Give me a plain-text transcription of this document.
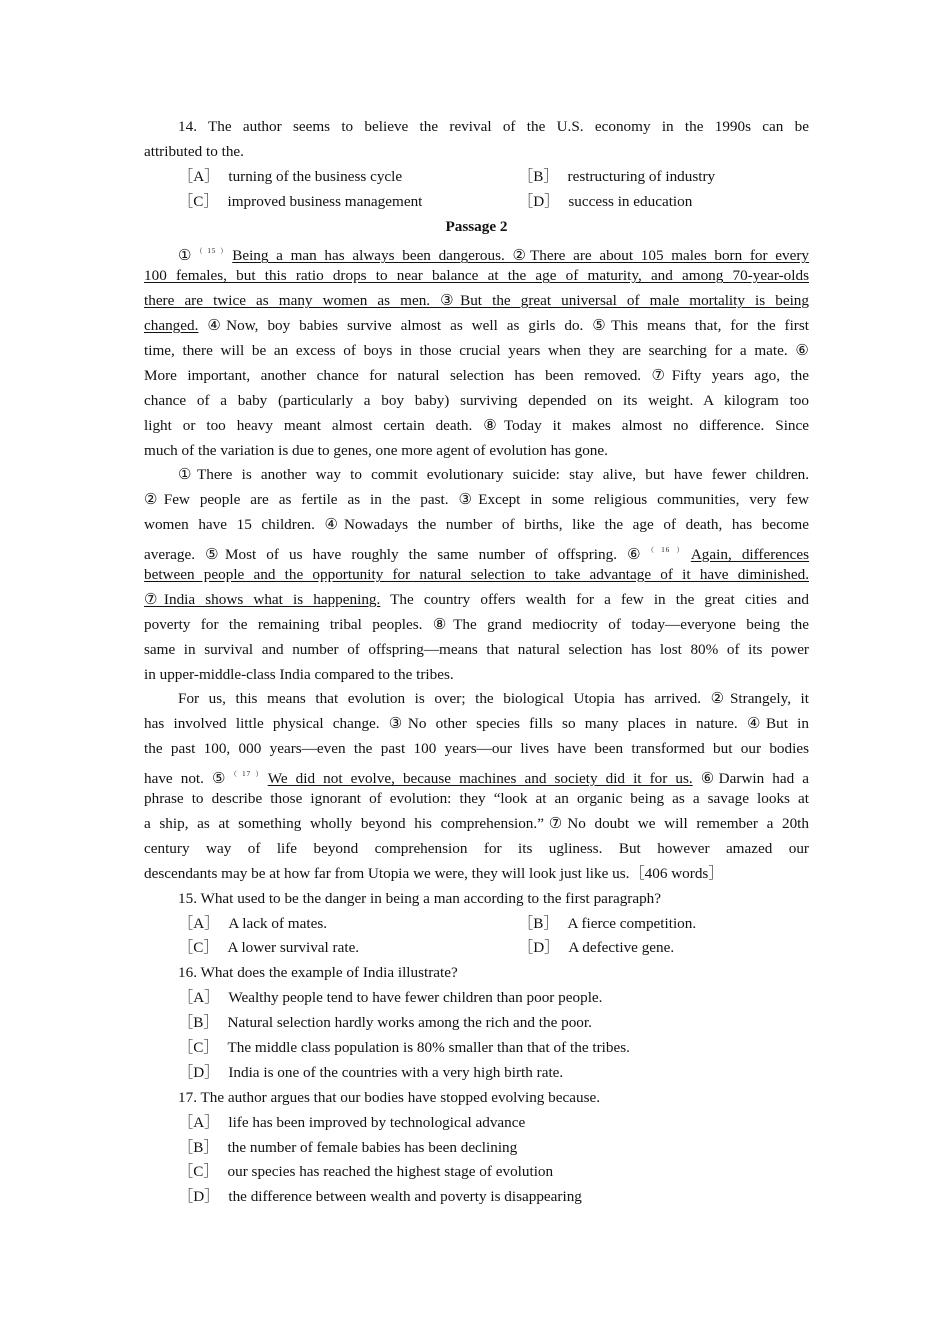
14. The author seems to believe the revival of the U.S. economy in the 1990s can be
attributed to the.
［A］ turning of the business cycle	［B］ restructuring of industry
［C］ improved business management	［D］ success in education
Passage 2
①$^{(15)}$Being a man has always been dangerous. ②There are about 105 males born for every
100 females, but this ratio drops to near balance at the age of maturity, and among 70-year-olds
there are twice as many women as men. ③But the great universal of male mortality is being
changed. ④Now, boy babies survive almost as well as girls do. ⑤This means that, for the first
time, there will be an excess of boys in those crucial years when they are searching for a mate. ⑥
More important, another chance for natural selection has been removed. ⑦Fifty years ago, the
chance of a baby (particularly a boy baby) surviving depended on its weight. A kilogram too
light or too heavy meant almost certain death. ⑧Today it makes almost no difference. Since
much of the variation is due to genes, one more agent of evolution has gone.
①There is another way to commit evolutionary suicide: stay alive, but have fewer children.
②Few people are as fertile as in the past. ③Except in some religious communities, very few
women have 15 children. ④Nowadays the number of births, like the age of death, has become
average. ⑤Most of us have roughly the same number of offspring. ⑥$^{(16)}$Again, differences
between people and the opportunity for natural selection to take advantage of it have diminished.
⑦India shows what is happening. The country offers wealth for a few in the great cities and
poverty for the remaining tribal peoples. ⑧The grand mediocrity of today—everyone being the
same in survival and number of offspring—means that natural selection has lost 80% of its power
in upper-middle-class India compared to the tribes.
For us, this means that evolution is over; the biological Utopia has arrived. ②Strangely, it
has involved little physical change. ③No other species fills so many places in nature. ④But in
the past 100, 000 years—even the past 100 years—our lives have been transformed but our bodies
have not. ⑤$^{(17)}$We did not evolve, because machines and society did it for us. ⑥Darwin had a
phrase to describe those ignorant of evolution: they “look at an organic being as a savage looks at
a ship, as at something wholly beyond his comprehension.”⑦No doubt we will remember a 20th
century way of life beyond comprehension for its ugliness. But however amazed our
descendants may be at how far from Utopia we were, they will look just like us.［406 words］
15. What used to be the danger in being a man according to the first paragraph?
［A］ A lack of mates.	［B］ A fierce competition.
［C］ A lower survival rate.	［D］ A defective gene.
16. What does the example of India illustrate?
［A］ Wealthy people tend to have fewer children than poor people.
［B］ Natural selection hardly works among the rich and the poor.
［C］ The middle class population is 80% smaller than that of the tribes.
［D］ India is one of the countries with a very high birth rate.
17. The author argues that our bodies have stopped evolving because.
［A］ life has been improved by technological advance
［B］ the number of female babies has been declining
［C］ our species has reached the highest stage of evolution
［D］ the difference between wealth and poverty is disappearing
